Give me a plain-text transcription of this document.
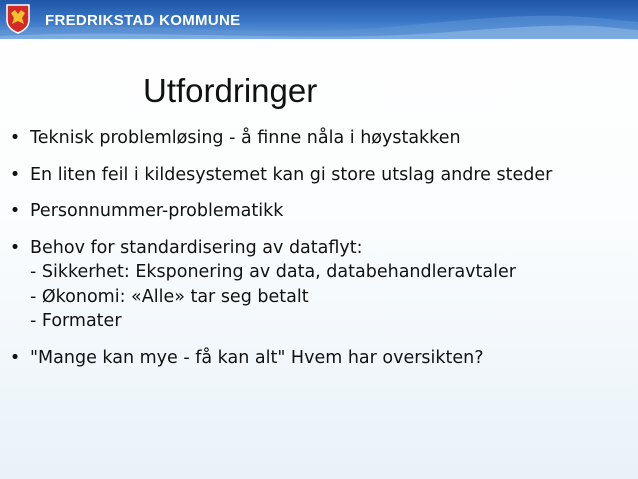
FREDRIKSTAD KOMMUNE
Utfordringer
• Teknisk problemløsing - å finne nåla i høystakken
• En liten feil i kildesystemet kan gi store utslag andre steder
• Personnummer-problematikk
• Behov for standardisering av dataflyt:
- Sikkerhet: Eksponering av data, databehandleravtaler
- Økonomi: «Alle» tar seg betalt
- Formater
• "Mange kan mye - få kan alt" Hvem har oversikten?
